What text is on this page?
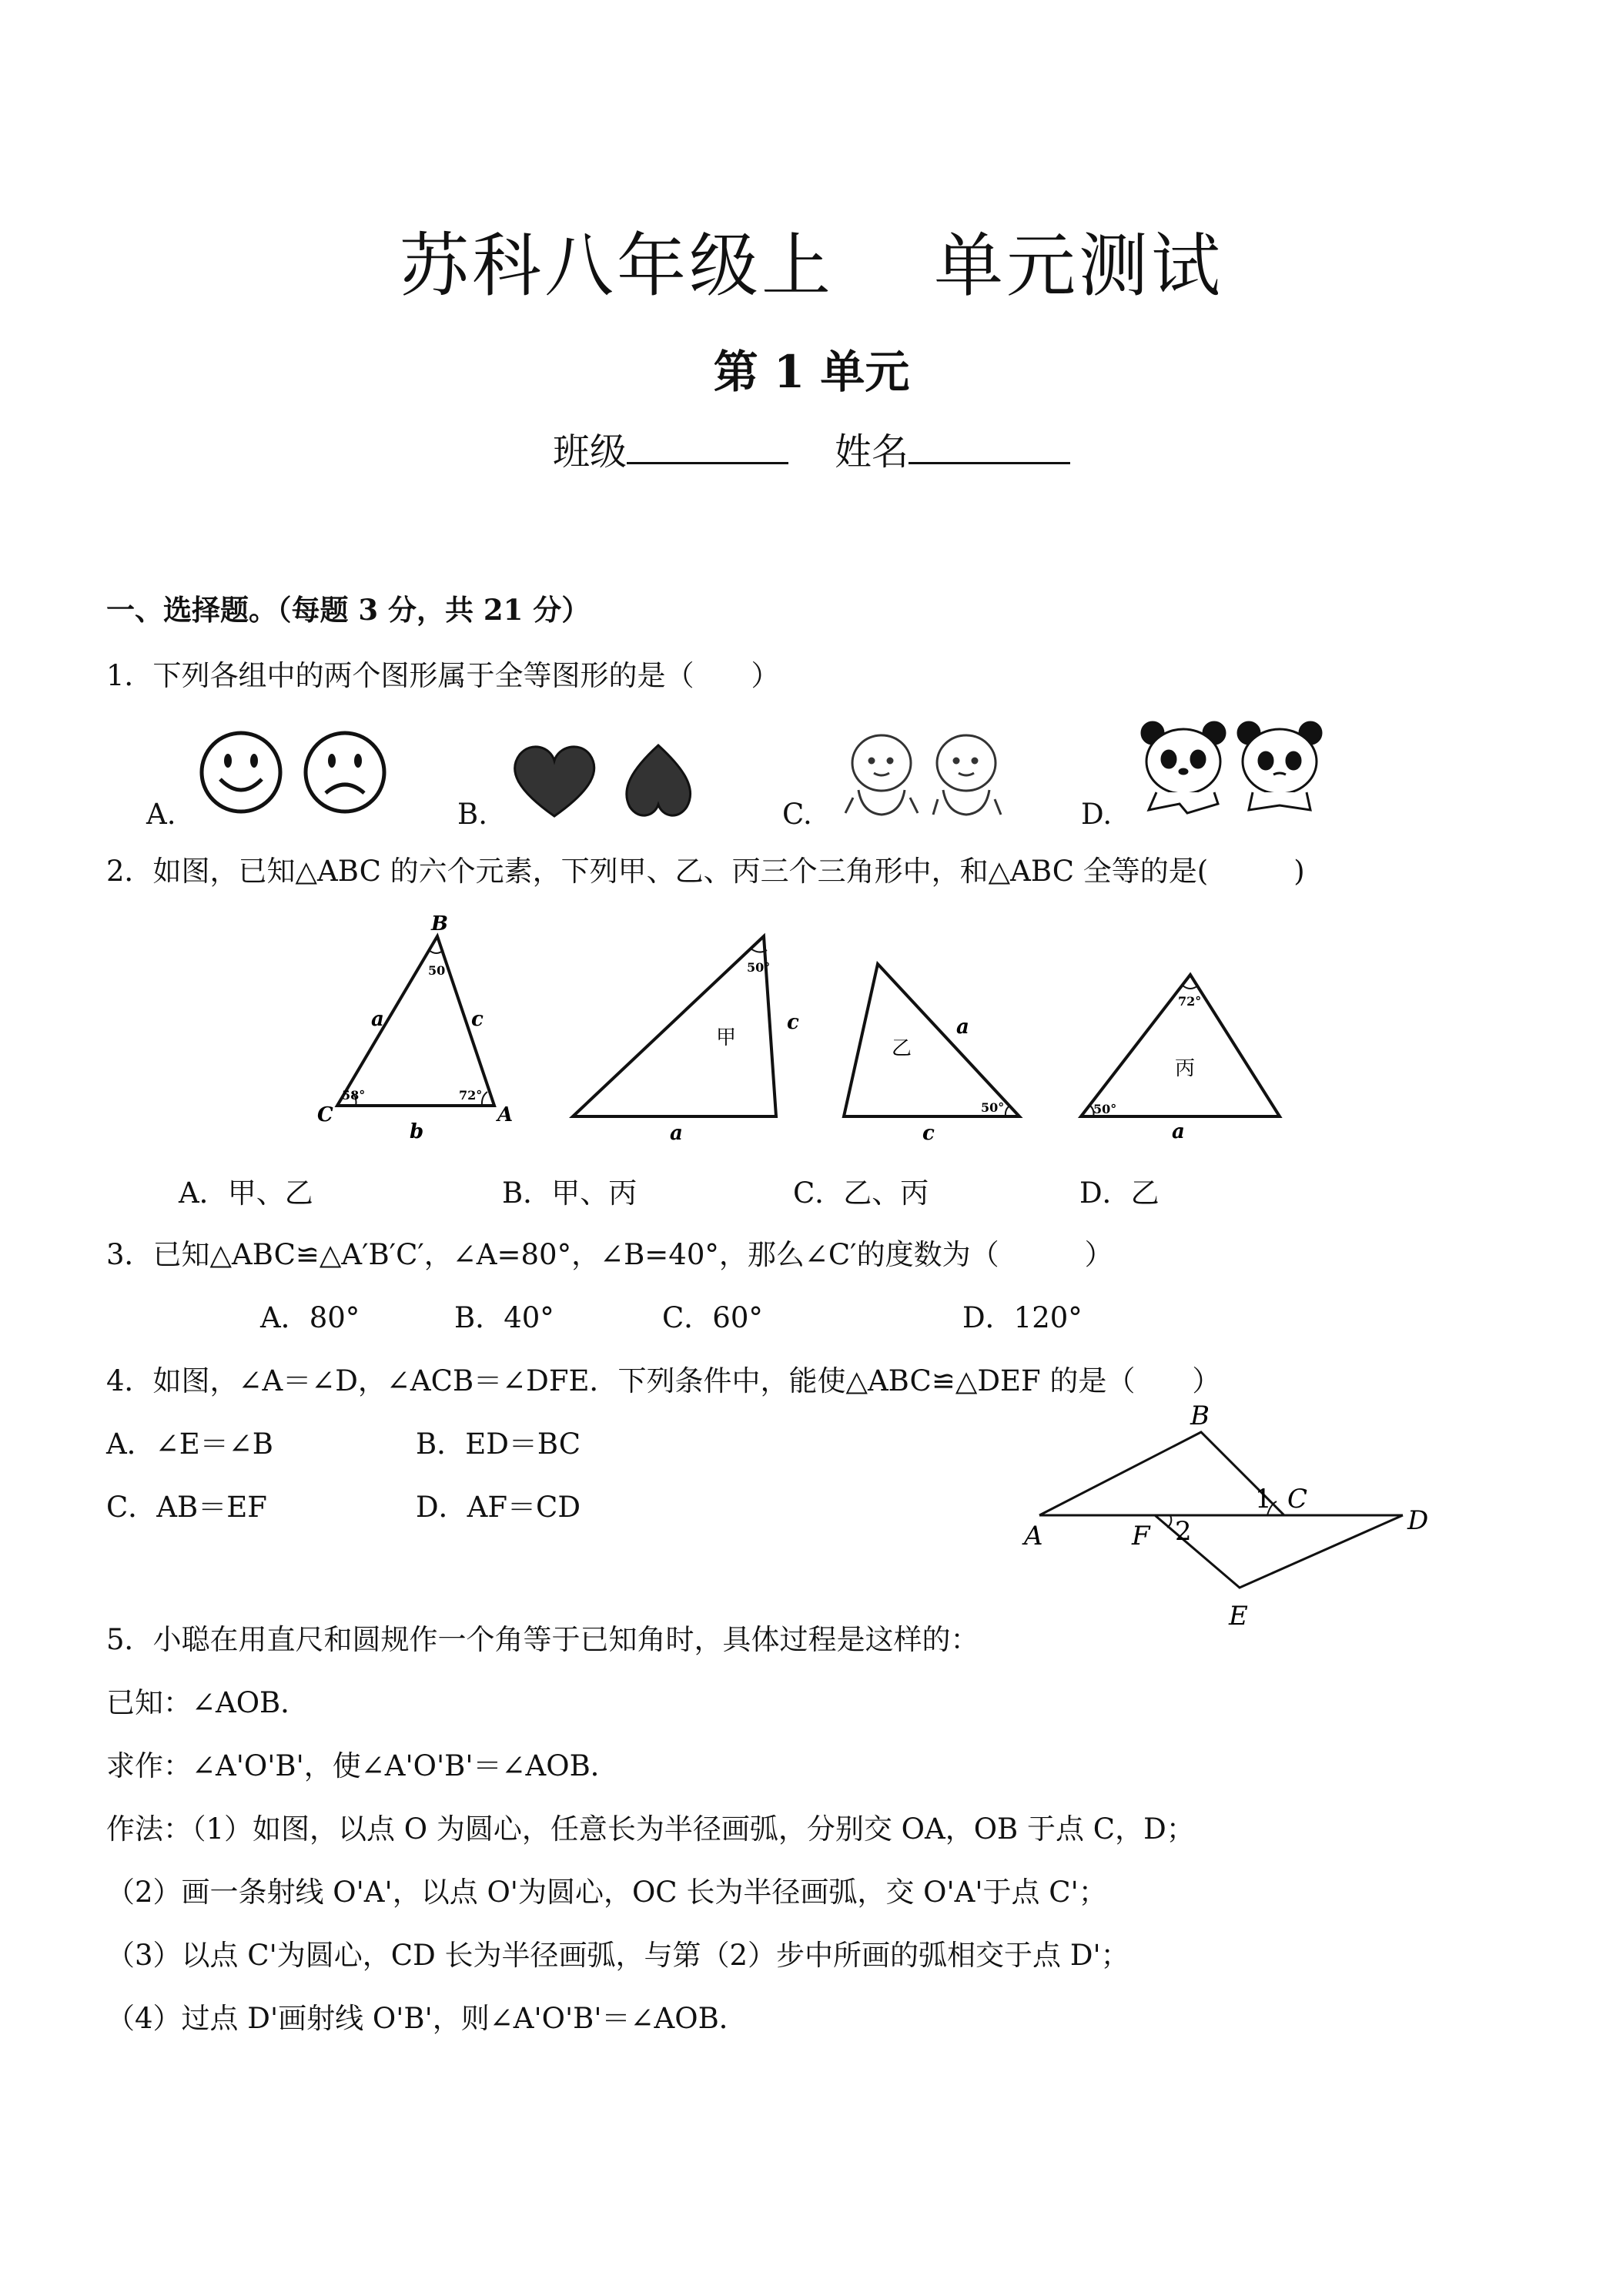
苏科八年级上 单元测试
第 1 单元
班级	姓名
一、选择题。（每题 3 分，共 21 分）
1．下列各组中的两个图形属于全等图形的是（　　）
A.	B.	C.	D.
2．如图，已知△ABC 的六个元素，下列甲、乙、丙三个三角形中，和△ABC 全等的是(　　　)
B
C	A
50
58°	72°
a	c
b
50°
甲
c
a
乙
a
50°
c
72°
丙
50°
a
A．甲、乙	B．甲、丙	C．乙、丙	D．乙
3．已知△ABC≌△A′B′C′，∠A=80°，∠B=40°，那么∠C′的度数为（　　　）
A．80°	B．40°	C．60°	D．120°
4．如图，∠A＝∠D，∠ACB＝∠DFE．下列条件中，能使△ABC≌△DEF 的是（　　）
A．∠E＝∠B	B．ED＝BC
C．AB＝EF	D．AF＝CD
A
B
C
D
E
F
1
2
5．小聪在用直尺和圆规作一个角等于已知角时，具体过程是这样的：
已知：∠AOB．
求作：∠A'O'B'，使∠A'O'B'＝∠AOB．
作法：（1）如图，以点 O 为圆心，任意长为半径画弧，分别交 OA，OB 于点 C，D；
（2）画一条射线 O'A'，以点 O'为圆心，OC 长为半径画弧，交 O'A'于点 C'；
（3）以点 C'为圆心，CD 长为半径画弧，与第（2）步中所画的弧相交于点 D'；
（4）过点 D'画射线 O'B'，则∠A'O'B'＝∠AOB．
